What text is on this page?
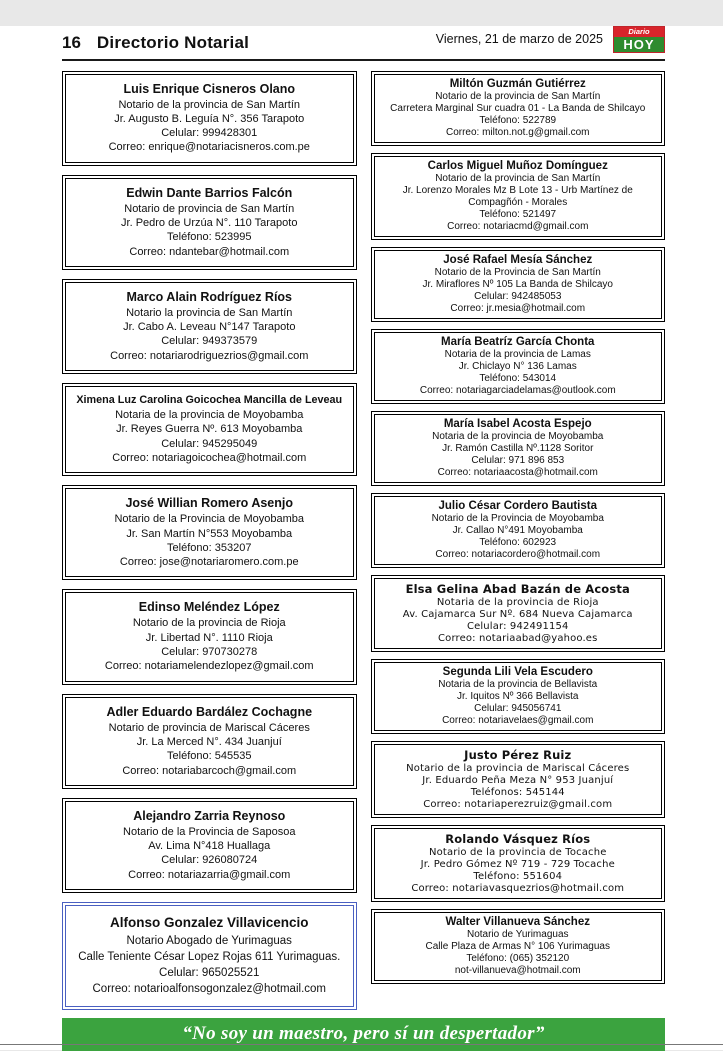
16 Directorio Notarial	Viernes, 21 de marzo de 2025
Diario
HOY
Luis Enrique Cisneros Olano
Notario de la provincia de San Martín
Jr. Augusto B. Leguía N°. 356 Tarapoto
Celular: 999428301
Correo: enrique@notariacisneros.com.pe
Edwin Dante Barrios Falcón
Notario de provincia de San Martín
Jr. Pedro de Urzúa N°. 110 Tarapoto
Teléfono: 523995
Correo: ndantebar@hotmail.com
Marco Alain Rodríguez Ríos
Notario la provincia de San Martín
Jr. Cabo A. Leveau N°147 Tarapoto
Celular: 949373579
Correo: notariarodriguezrios@gmail.com
Ximena Luz Carolina Goicochea Mancilla de Leveau
Notaria de la provincia de Moyobamba
Jr. Reyes Guerra Nº. 613 Moyobamba
Celular: 945295049
Correo: notariagoicochea@hotmail.com
José Willian Romero Asenjo
Notario de la Provincia de Moyobamba
Jr. San Martín N°553 Moyobamba
Teléfono: 353207
Correo: jose@notariaromero.com.pe
Edinso Meléndez López
Notario de la provincia de Rioja
Jr. Libertad N°. 1110 Rioja
Celular: 970730278
Correo: notariamelendezlopez@gmail.com
Adler Eduardo Bardález Cochagne
Notario de provincia de Mariscal Cáceres
Jr. La Merced N°. 434 Juanjuí
Teléfono: 545535
Correo: notariabarcoch@gmail.com
Alejandro Zarria Reynoso
Notario de la Provincia de Saposoa
Av. Lima N°418 Huallaga
Celular: 926080724
Correo: notariazarria@gmail.com
Alfonso Gonzalez Villavicencio
Notario Abogado de Yurimaguas
Calle Teniente César Lopez Rojas 611 Yurimaguas.
Celular: 965025521
Correo: notarioalfonsogonzalez@hotmail.com
Miltón Guzmán Gutiérrez
Notario de la provincia de San Martín
Carretera Marginal Sur cuadra 01 - La Banda de Shilcayo
Teléfono: 522789
Correo: milton.not.g@gmail.com
Carlos Miguel Muñoz Domínguez
Notario de la provincia de San Martín
Jr. Lorenzo Morales Mz B Lote 13 - Urb Martínez de Compagñón - Morales
Teléfono: 521497
Correo: notariacmd@gmail.com
José Rafael Mesía Sánchez
Notario de la Provincia de San Martín
Jr. Miraflores Nº 105 La Banda de Shilcayo
Celular: 942485053
Correo: jr.mesia@hotmail.com
María Beatríz García Chonta
Notaria de la provincia de Lamas
Jr. Chiclayo N° 136 Lamas
Teléfono: 543014
Correo: notariagarciadelamas@outlook.com
María Isabel Acosta Espejo
Notaria de la provincia de Moyobamba
Jr. Ramón Castilla Nº.1128 Soritor
Celular: 971 896 853
Correo: notariaacosta@hotmail.com
Julio César Cordero Bautista
Notario de la Provincia de Moyobamba
Jr. Callao N°491 Moyobamba
Teléfono: 602923
Correo: notariacordero@hotmail.com
Elsa Gelina Abad Bazán de Acosta
Notaria de la provincia de Rioja
Av. Cajamarca Sur Nº. 684 Nueva Cajamarca
Celular: 942491154
Correo: notariaabad@yahoo.es
Segunda Lili Vela Escudero
Notaria de la provincia de Bellavista
Jr. Iquitos Nº 366 Bellavista
Celular: 945056741
Correo: notariavelaes@gmail.com
Justo Pérez Ruiz
Notario de la provincia de Mariscal Cáceres
Jr. Eduardo Peña Meza N° 953 Juanjuí
Teléfonos: 545144
Correo: notariaperezruiz@gmail.com
Rolando Vásquez Ríos
Notario de la provincia de Tocache
Jr. Pedro Gómez Nº 719 - 729 Tocache
Teléfono: 551604
Correo: notariavasquezrios@hotmail.com
Walter Villanueva Sánchez
Notario de Yurimaguas
Calle Plaza de Armas N° 106 Yurimaguas
Teléfono: (065) 352120
not-villanueva@hotmail.com
“No soy un maestro, pero sí un despertador”
